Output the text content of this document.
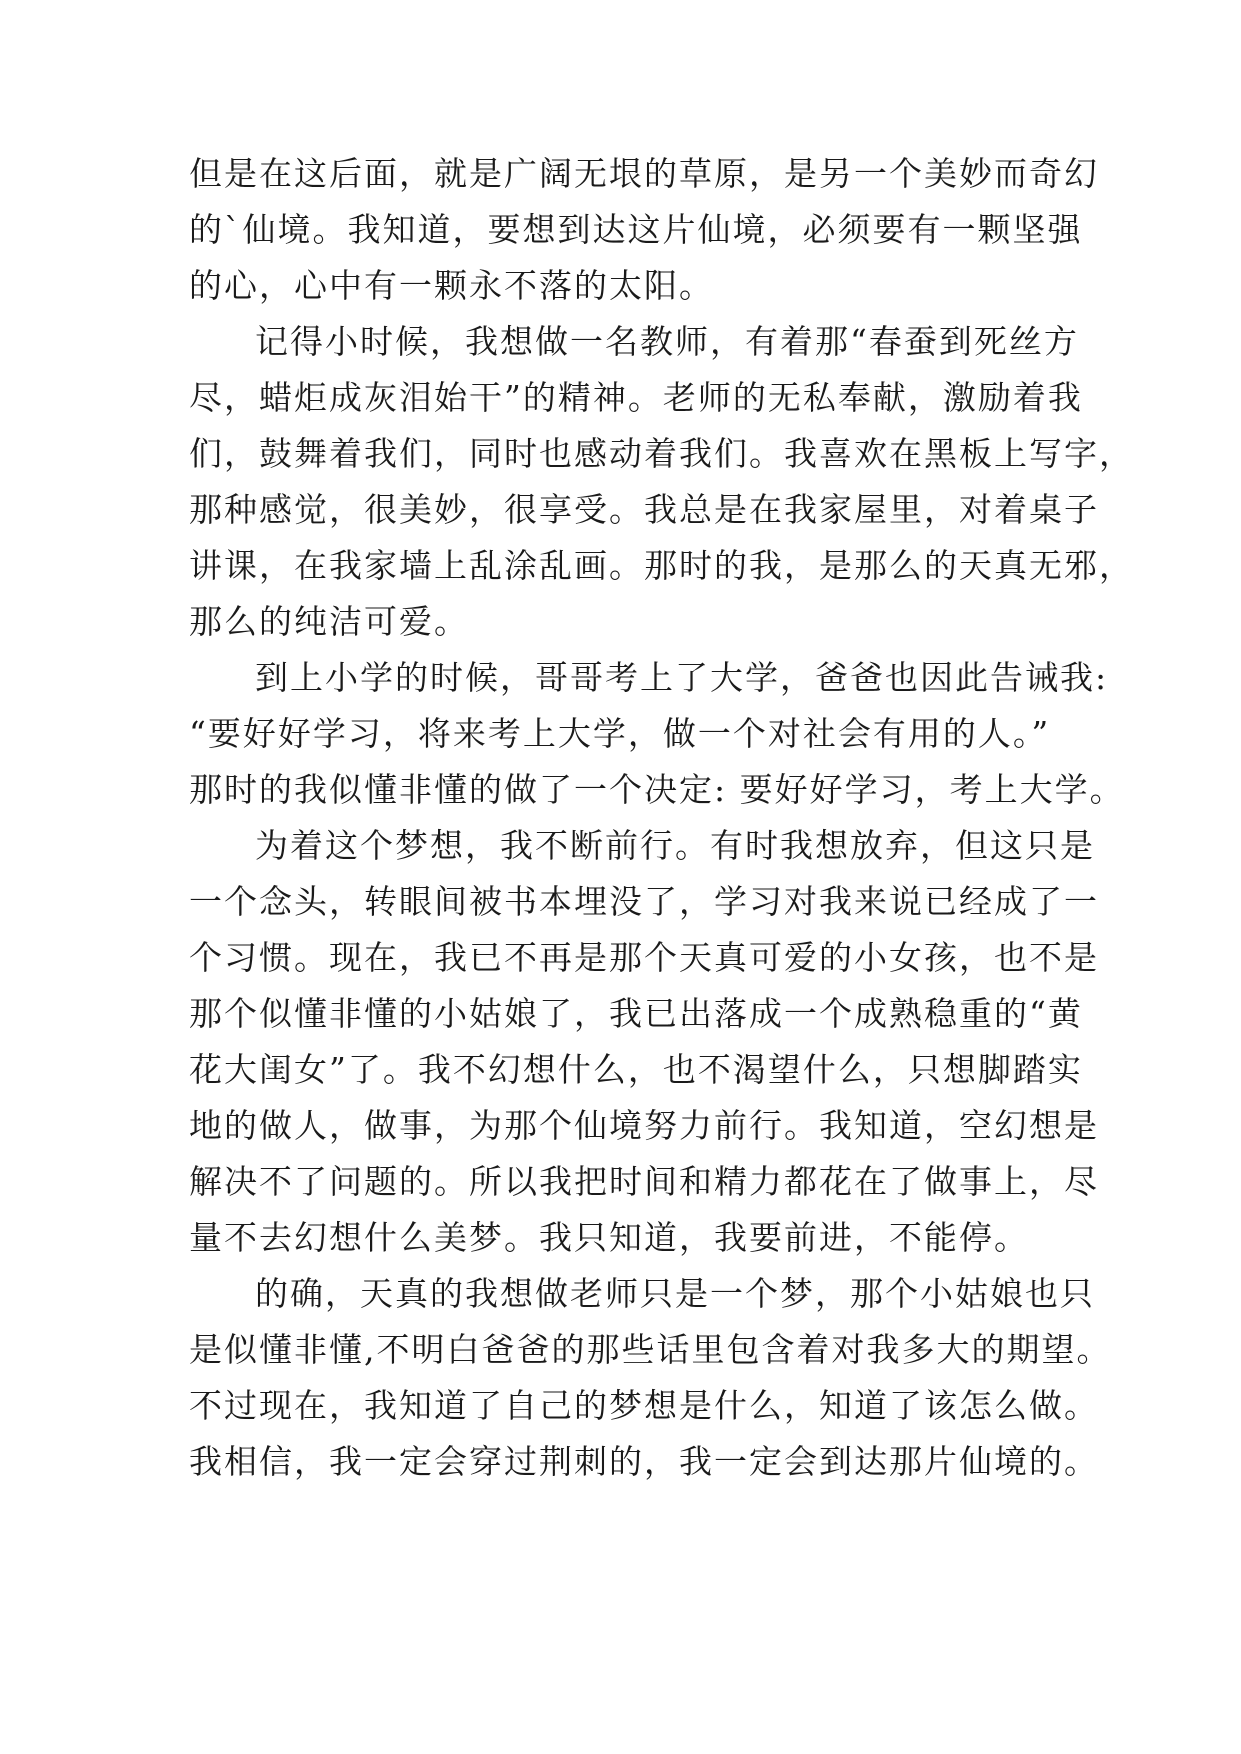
但是在这后面，就是广阔无垠的草原，是另一个美妙而奇幻
的`仙境。我知道，要想到达这片仙境，必须要有一颗坚强
的心，心中有一颗永不落的太阳。
记得小时候，我想做一名教师，有着那“春蚕到死丝方
尽，蜡炬成灰泪始干”的精神。老师的无私奉献，激励着我
们，鼓舞着我们，同时也感动着我们。我喜欢在黑板上写字，
那种感觉，很美妙，很享受。我总是在我家屋里，对着桌子
讲课，在我家墙上乱涂乱画。那时的我，是那么的天真无邪，
那么的纯洁可爱。
到上小学的时候，哥哥考上了大学，爸爸也因此告诫我:
“要好好学习，将来考上大学，做一个对社会有用的人。”
那时的我似懂非懂的做了一个决定: 要好好学习，考上大学。
为着这个梦想，我不断前行。有时我想放弃，但这只是
一个念头，转眼间被书本埋没了，学习对我来说已经成了一
个习惯。现在，我已不再是那个天真可爱的小女孩，也不是
那个似懂非懂的小姑娘了，我已出落成一个成熟稳重的“黄
花大闺女”了。我不幻想什么，也不渴望什么，只想脚踏实
地的做人，做事，为那个仙境努力前行。我知道，空幻想是
解决不了问题的。所以我把时间和精力都花在了做事上，尽
量不去幻想什么美梦。我只知道，我要前进，不能停。
的确，天真的我想做老师只是一个梦，那个小姑娘也只
是似懂非懂,不明白爸爸的那些话里包含着对我多大的期望。
不过现在，我知道了自己的梦想是什么，知道了该怎么做。
我相信，我一定会穿过荆刺的，我一定会到达那片仙境的。
